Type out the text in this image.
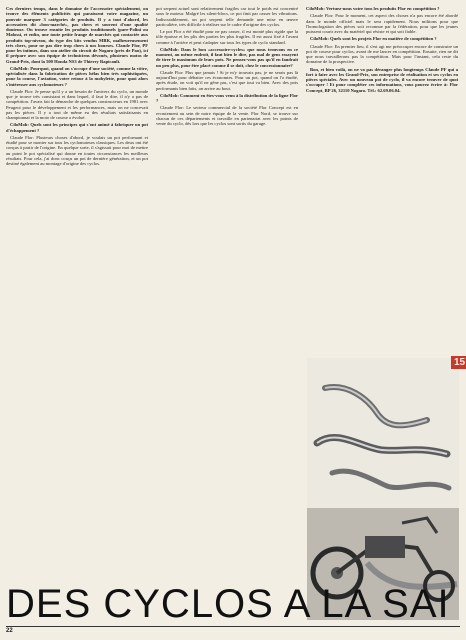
Ces derniers temps, dans le domaine de l'accessoire spécialement, on trouve des éléments publicités qui paraissent votre magazine, un pouvoir marquer 3 catégories de produits. Il y a tout d'abord, les accessoires dit «bon-marché», pas chers et souvent d'une qualité douteuse. On trouve ensuite les produits traditionnels (pare-Polini ou Malossi, et enfin, une toute petite frange de marchés qui contactée aux produits top-niveau, du type des kits vendus MBK, malheureusement très chers, pour ne pas dire trop chers à nos bourses. Claude Flor, PF pour les intimes, dans son atelier du circuit de Nogaro (près de Pau), ici il prépare avec son équipe de techniciens dévoués, plusieurs motos de Grand-Prix, dont la 500 Honda NS3 de Thierry Rapicault.

CiloMob: Pourquoi, quand on s'occupe d'une société, comme la vôtre, spécialisée dans la fabrication de pièces hélas bien très sophistiquées, pour la course, l'aviation, votre retour à la mobylette, pour quoi alors s'intéresser aux cyclomoteurs ?

Claude Flor: Je pense qu'il y a un besoin de l'univers du cyclo, un monde que je trouve très consistant et dans lequel, il faut le dire, il n'y a pas de compétition. J'avais fait la démarche de quelques constructeurs en 1981 avec Peugeot pour le développement et les performances, mais on ne concevait pas les pièces. Il y a tout de même eu des résultats satisfaisants en championnat et la moto de course a évolué.

CiloMob: Quels sont les principes qui s'ont animé à fabriquer un pot d'échappement ?

Claude Flor: Plusieurs choses d'abord, je voulais un pot performant et étudié pour se monter sur tous les cyclomoteurs classiques. Les deux ont été conçus à partir de l'origine. En quelque sorte, il s'agissait pour moi de mettre au point le pot spécialisé qui donne en toutes circonstances les meilleurs résultats. Pour cela, j'ai donc conçu un pot de dernière génération, et un pot destiné également au montage d'origine des cyclos.

pot serpent actuel sont relativement fragiles car tout le poids est concentré sous le moteur. Malgré les silent-blocs, ce pot finit par casser les vibrations. Indiscutablement, un pot serpent telle demande une mise en œuvre particulière, très difficile à réaliser sur le cadre d'origine des cyclos.

Le pot Flor a été étudié pour ne pas casser, il est monté plus rigide que la tôle épaisse et les plis des parties les plus fragiles. Il est aussi fixé à l'avant comme à l'arrière et peut s'adapter sur tous les types de cyclo standard.

CiloMob: Dans le bon «accessoire-cycles» que nous trouvons en ce moment, au même endroit, il faut bien le dire, pas mal de gens essayent de tirer le maximum de leurs pots. Ne pensez-vous pas qu'il en faudrait un peu plus, pour être placé comme il se doit, chez le concessionnaire?

Claude Flor: Plus que jamais ! Si je m'y trouvais pas, je ne serais pas là aujourd'hui pour débattre ces économies. Pour un pot, quand on l'a étudié, après étude, on voit qu'il ne gêne pas, c'est que tout va bien. Avec des pots performants bien faits, on arrive au bout.

CiloMob: Comment en êtes-vous venu à la distribution de la ligne Flor ?

Claude Flor: Le secteur commercial de la société Flor Concept est en recrutement au sein de notre équipe de la vente. Flor Nord, se trouve sur chacun de ces départements et travaille en partenariat avec les points de vente du cyclo, dès lors que les cyclos sont sortis du garage.

CiloMob: Vertuez-nous votre tous les produits Flor en compétition ?

Claude Flor: Pour le moment, cet aspect des choses n'a pas encore été abordé dans le monde officiel mais le sera rapidement. Nous militons pour que l'homologation des pièces soit reconnue par la fédération, pour que les jeunes puissent courir avec du matériel qui résiste et qui soit fiable.

CiloMob: Quels sont les projets Flor en matière de compétition ?

Claude Flor: En premier lieu, il s'est agi me préoccuper encore de construire un pot de course pour cyclos, avant de me lancer en compétition. Ensuite, rien ne dit que nous travaillerons pas la compétition. Mais pour l'instant, cela reste du domaine de la prospective.

Bon, et bien voilà, on ne va pas déranger plus longtemps Claude PF qui a fort à faire avec les Grand-Prix, son entreprise de réalisation et ses cyclos en pièces spéciales. Avec un nouveau pot de cyclo, il va encore trouver de quoi s'occuper ! Et pour compléter ces informations, vous pouvez écrire à: Flor Concept, BP 26, 32110 Nogaro. Tél.: 62.69.06.04.

15
DES CYCLOS A LA SAI
22
